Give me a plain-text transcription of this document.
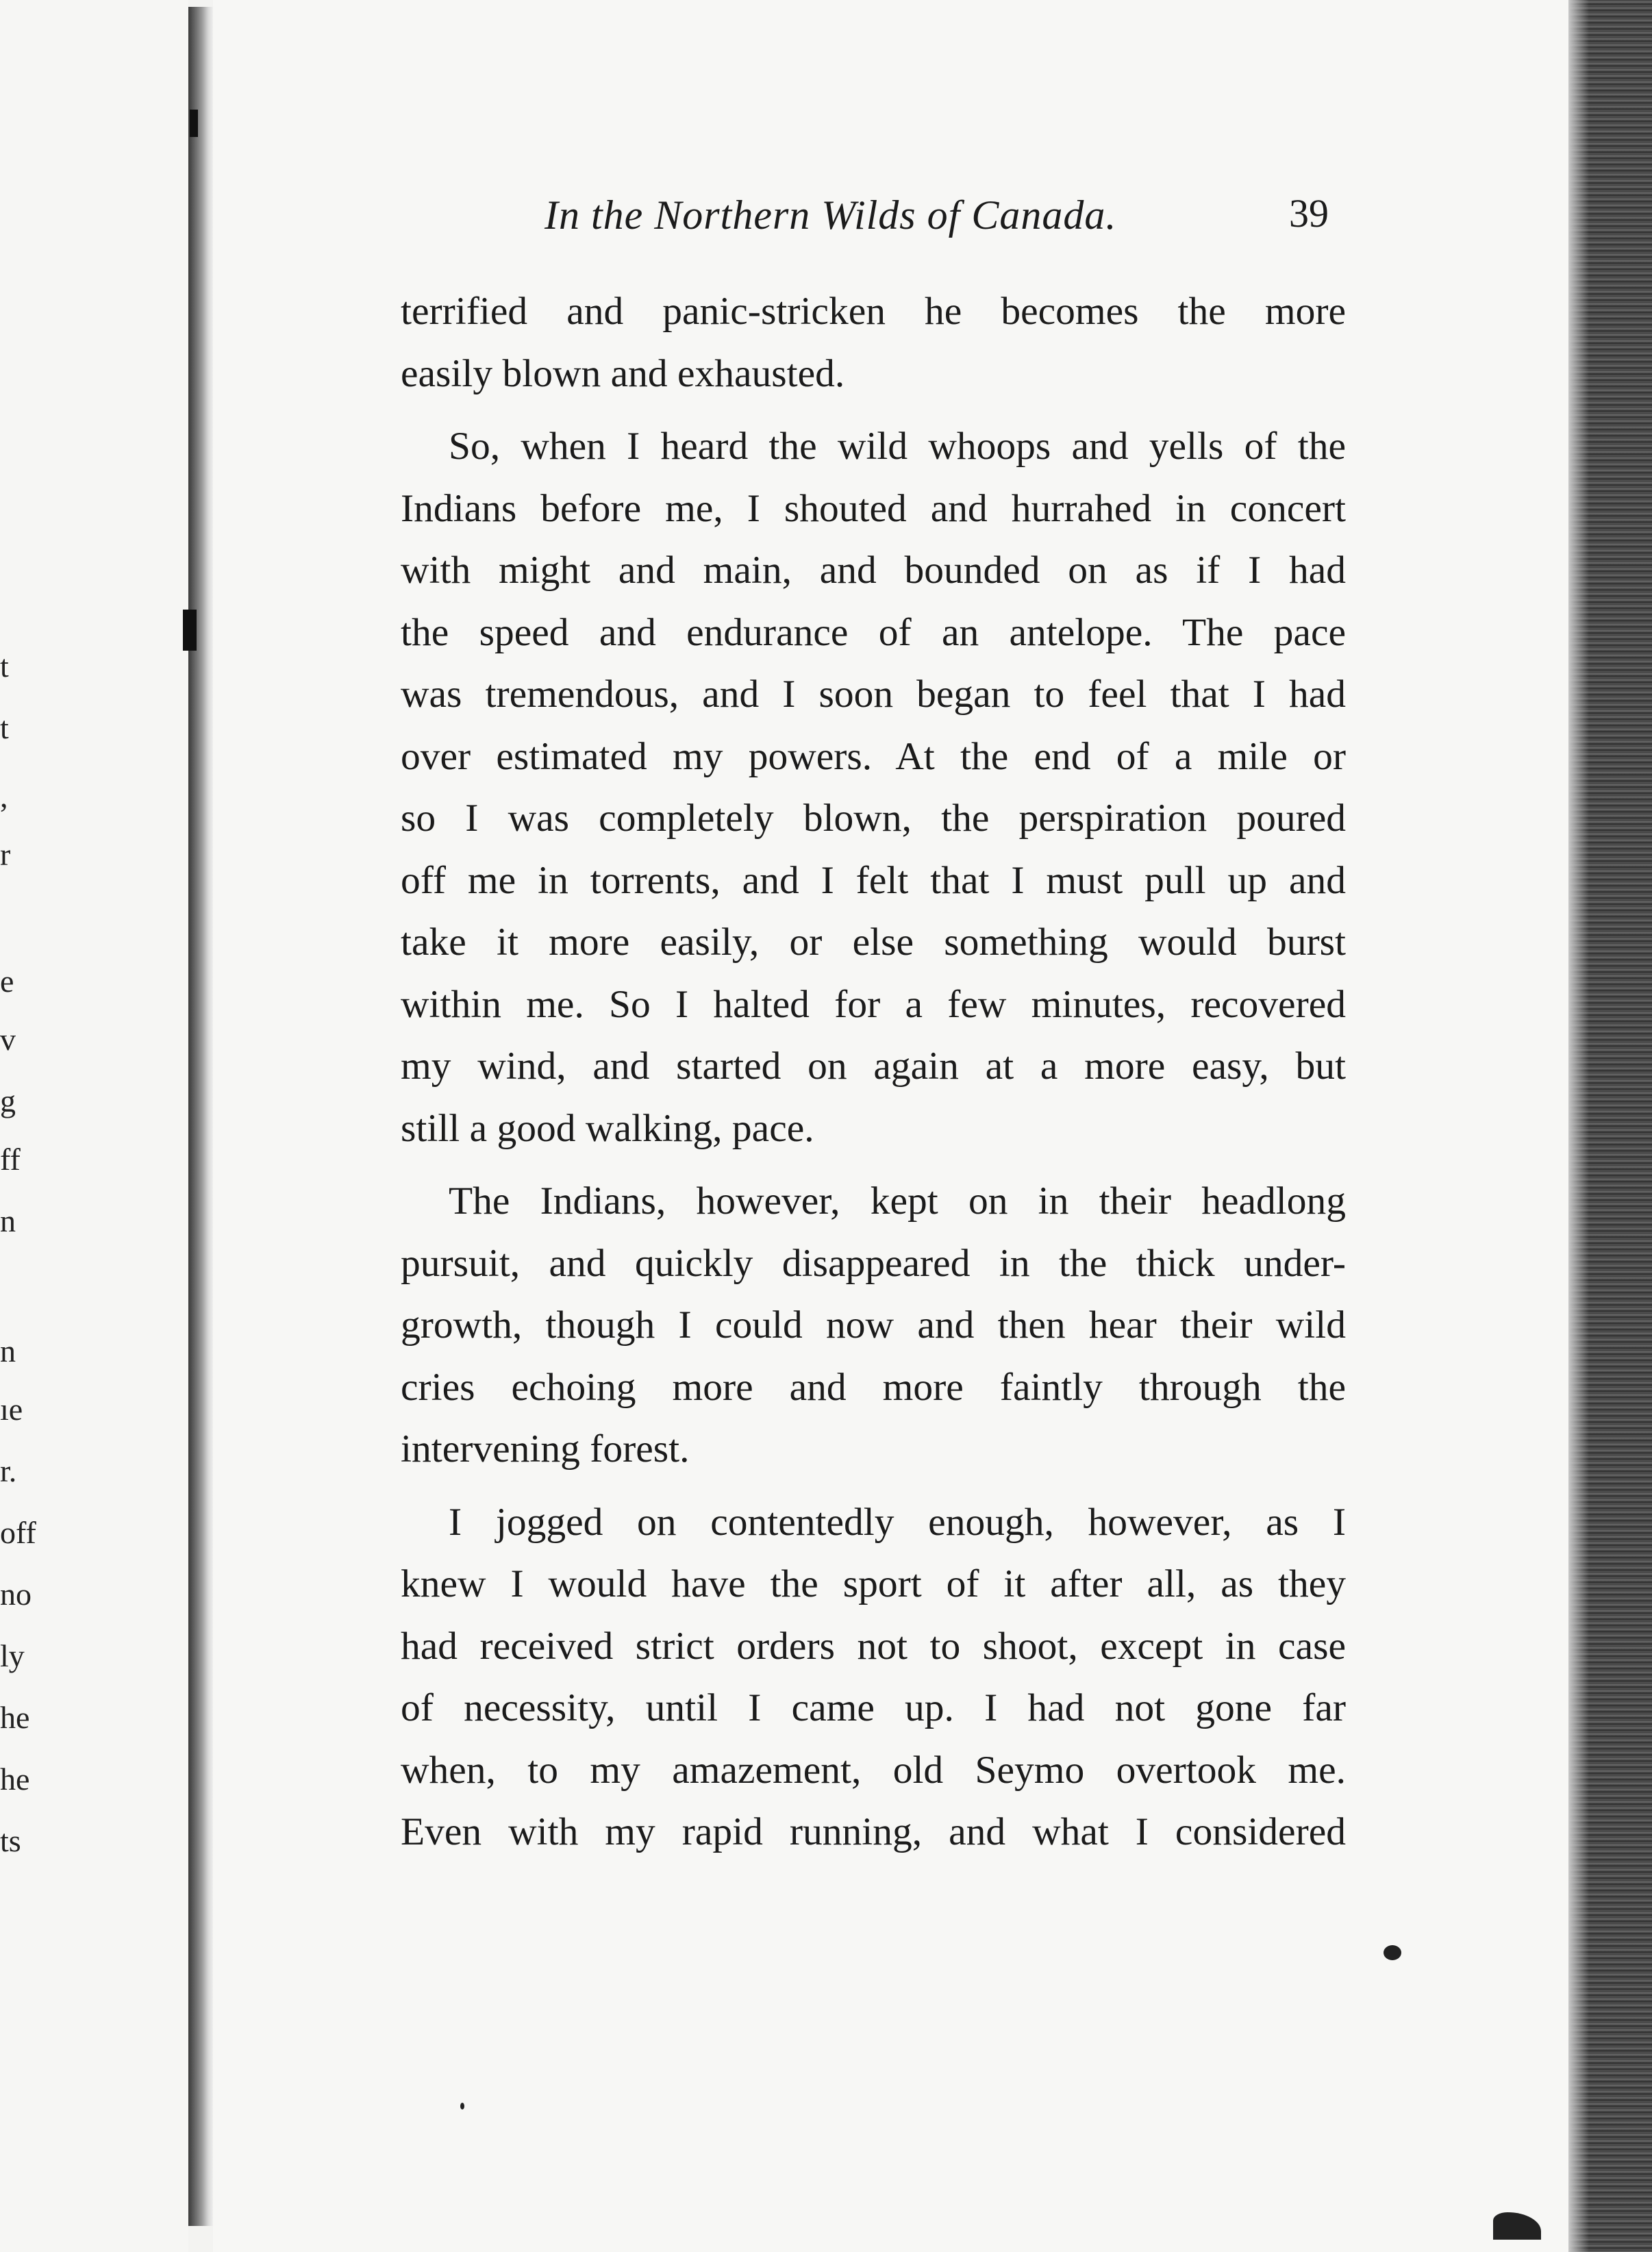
t
t
,
r
e
v
g
ff
n
n
ıe
r.
off
no
ly
he
he
ts
In the Northern Wilds of Canada.	39
terrified and panic-stricken he becomes the more
easily blown and exhausted.
So, when I heard the wild whoops and yells of the
Indians before me, I shouted and hurrahed in concert
with might and main, and bounded on as if I had
the speed and endurance of an antelope. The pace
was tremendous, and I soon began to feel that I had
over estimated my powers. At the end of a mile or
so I was completely blown, the perspiration poured
off me in torrents, and I felt that I must pull up and
take it more easily, or else something would burst
within me. So I halted for a few minutes, recovered
my wind, and started on again at a more easy, but
still a good walking, pace.
The Indians, however, kept on in their headlong
pursuit, and quickly disappeared in the thick under-
growth, though I could now and then hear their wild
cries echoing more and more faintly through the
intervening forest.
I jogged on contentedly enough, however, as I
knew I would have the sport of it after all, as they
had received strict orders not to shoot, except in case
of necessity, until I came up. I had not gone far
when, to my amazement, old Seymo overtook me.
Even with my rapid running, and what I considered
